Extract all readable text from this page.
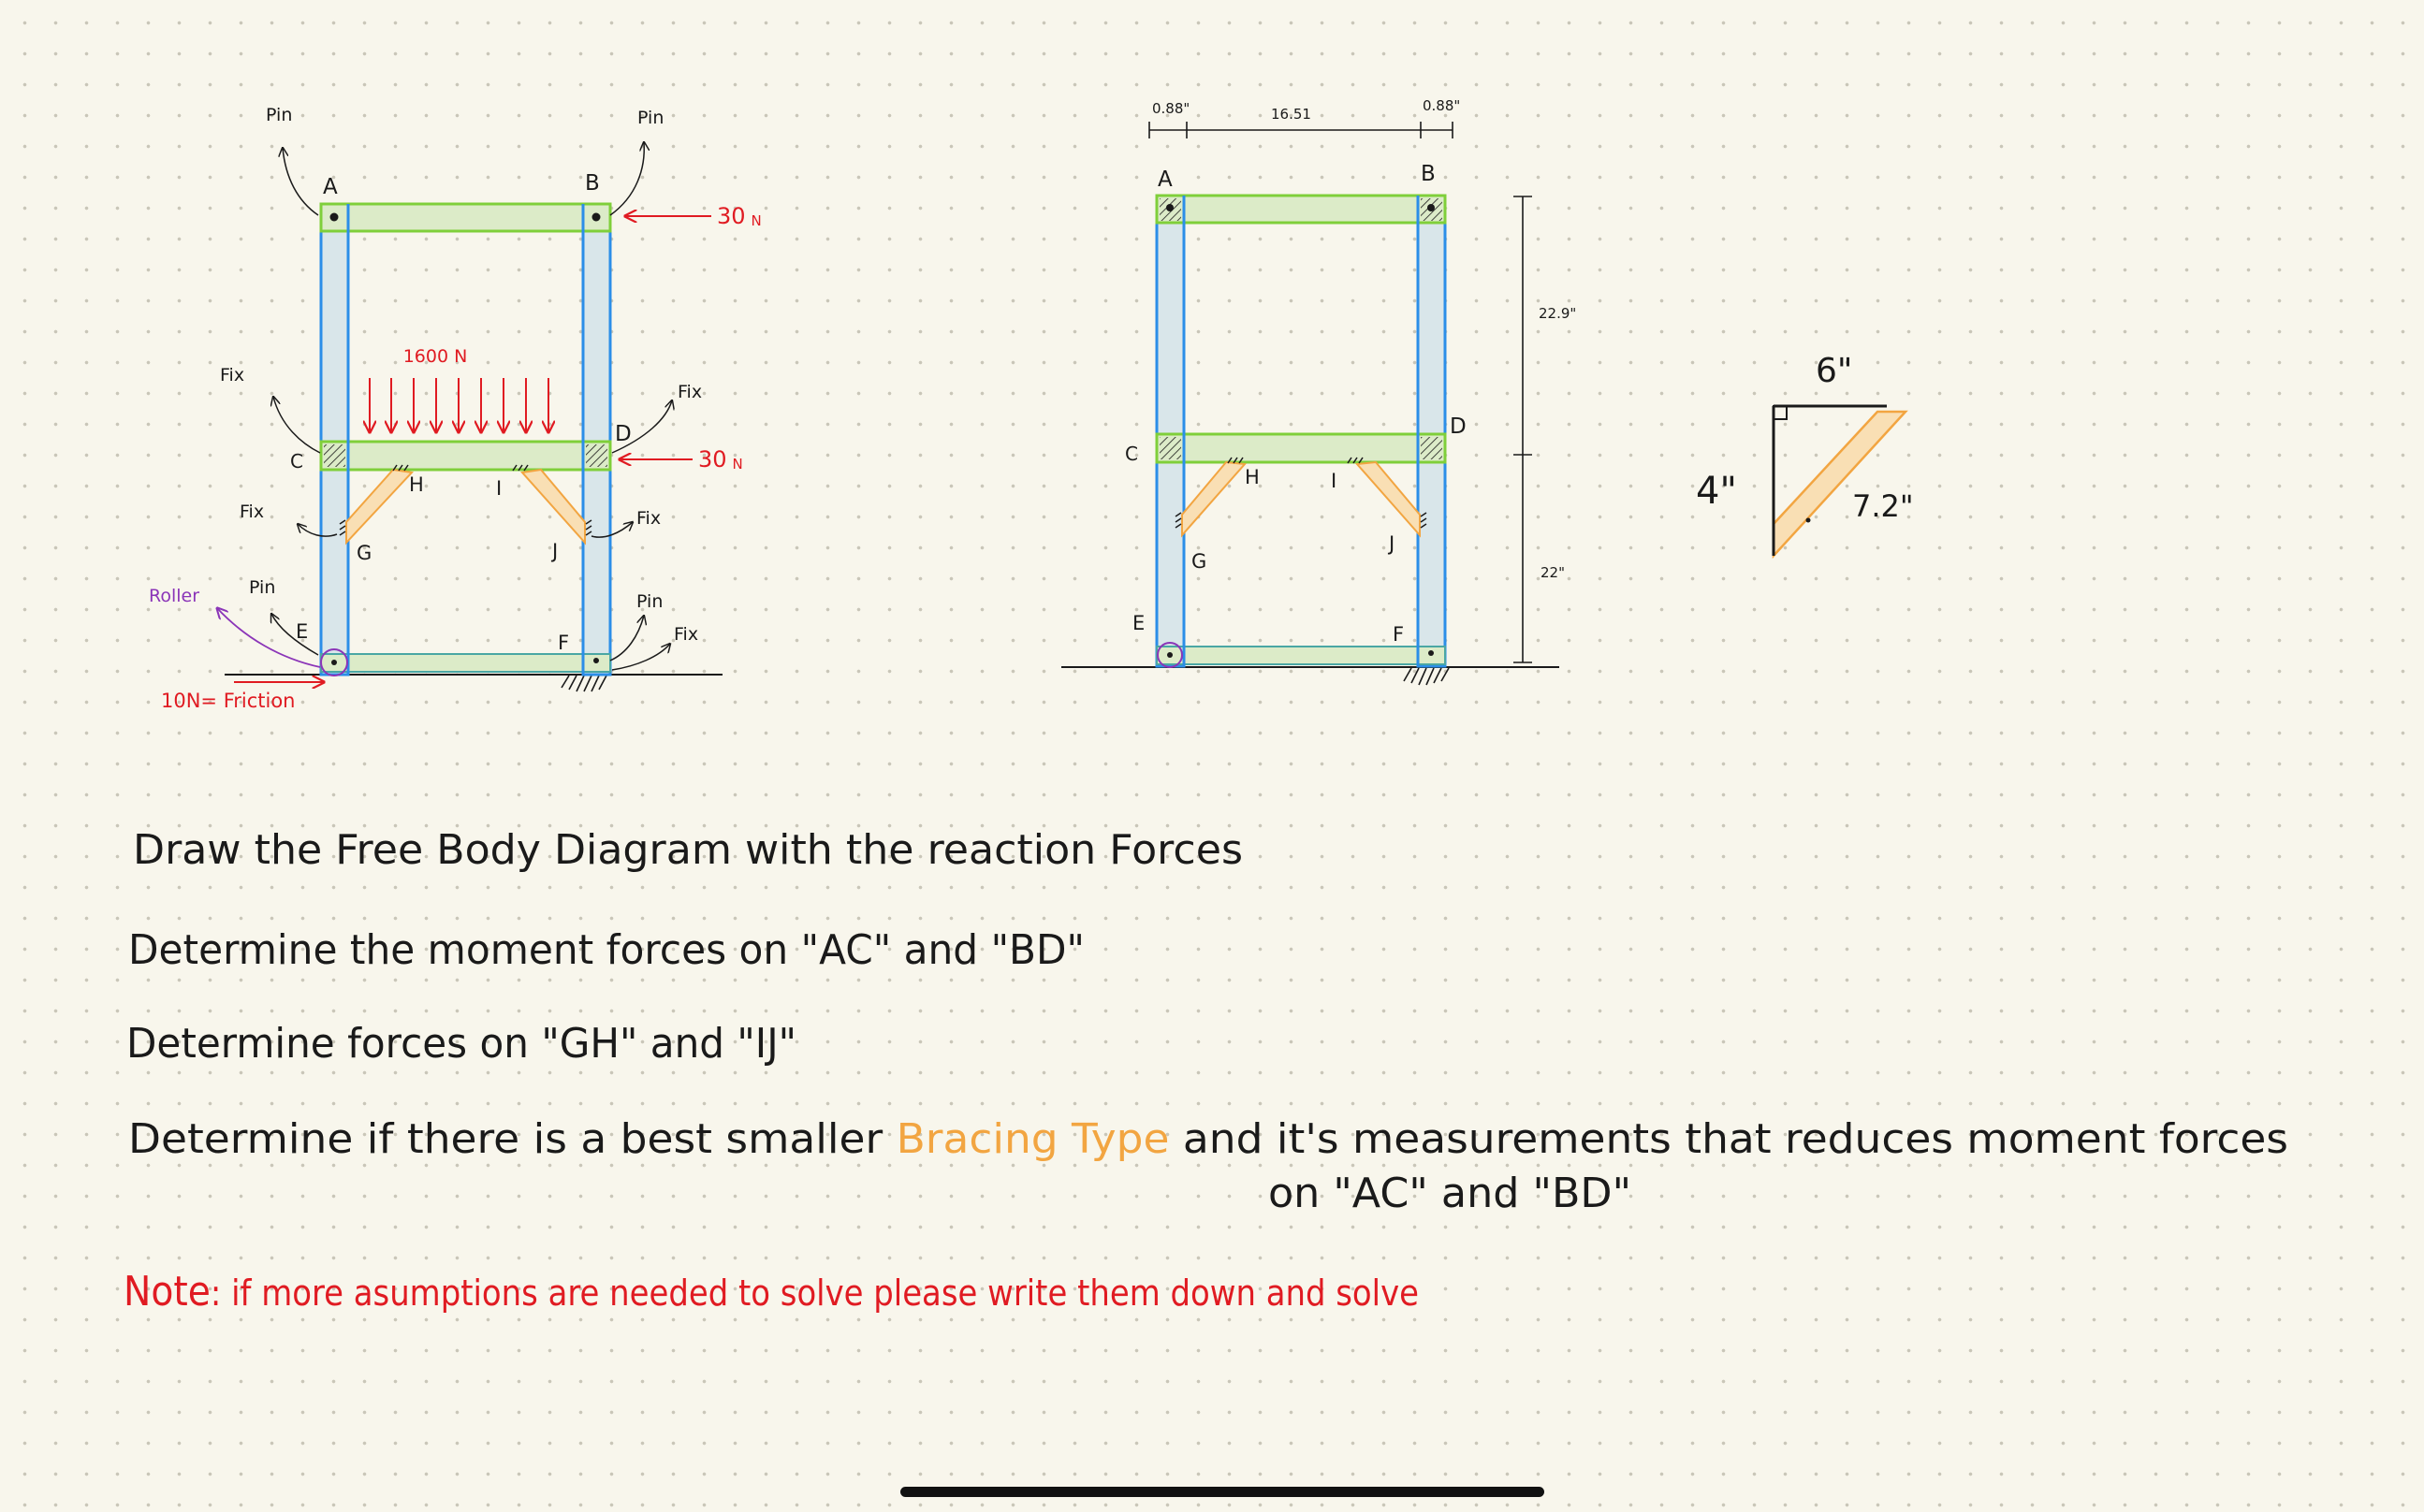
1600 N
30 N
30 N
10N= Friction
A	B
C
D
E	F
G
H	I
J
Pin	Pin
Fix
Fix
Fix	Fix
Pin
Pin
Fix
Roller
0.88"	16.51	0.88"
22.9"
22"
A	B
C
D
E	F
G
H	I
J
6"
4"	7.2"
Draw the Free Body Diagram with the reaction Forces
Determine the moment forces on "AC" and "BD"
Determine forces on "GH" and "IJ"
Determine if there is a best smaller Bracing Type and it's measurements that reduces moment forces
on "AC" and "BD"
Note: if more asumptions are needed to solve please write them down and solve
